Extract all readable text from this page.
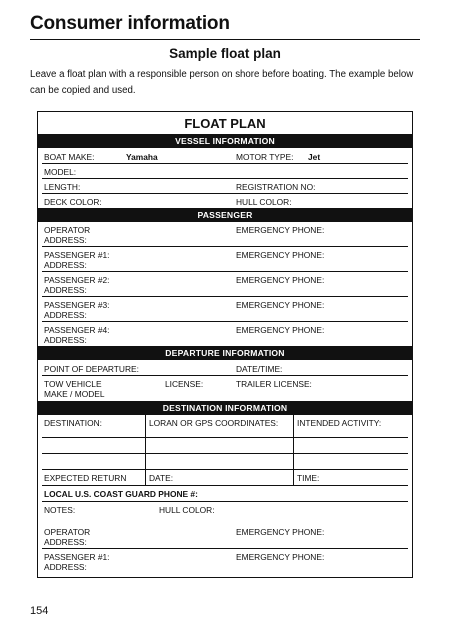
Consumer information
Sample float plan
Leave a float plan with a responsible person on shore before boating. The example below can be copied and used.
FLOAT PLAN
VESSEL INFORMATION
BOAT MAKE:	Yamaha	MOTOR TYPE: Jet
MODEL:
LENGTH:	REGISTRATION NO:
DECK COLOR:	HULL COLOR:
PASSENGER
OPERATOR	EMERGENCY PHONE:
ADDRESS:
PASSENGER #1:	EMERGENCY PHONE:
ADDRESS:
PASSENGER #2:	EMERGENCY PHONE:
ADDRESS:
PASSENGER #3:	EMERGENCY PHONE:
ADDRESS:
PASSENGER #4:	EMERGENCY PHONE:
ADDRESS:
DEPARTURE INFORMATION
POINT OF DEPARTURE:	DATE/TIME:
TOW VEHICLE	LICENSE:	TRAILER LICENSE:
MAKE / MODEL
DESTINATION INFORMATION
DESTINATION:	LORAN OR GPS COORDINATES: INTENDED ACTIVITY:
EXPECTED RETURN	DATE:	TIME:
LOCAL U.S. COAST GUARD PHONE #:
NOTES:	HULL COLOR:
OPERATOR	EMERGENCY PHONE:
ADDRESS:
PASSENGER #1:	EMERGENCY PHONE:
ADDRESS:
154
